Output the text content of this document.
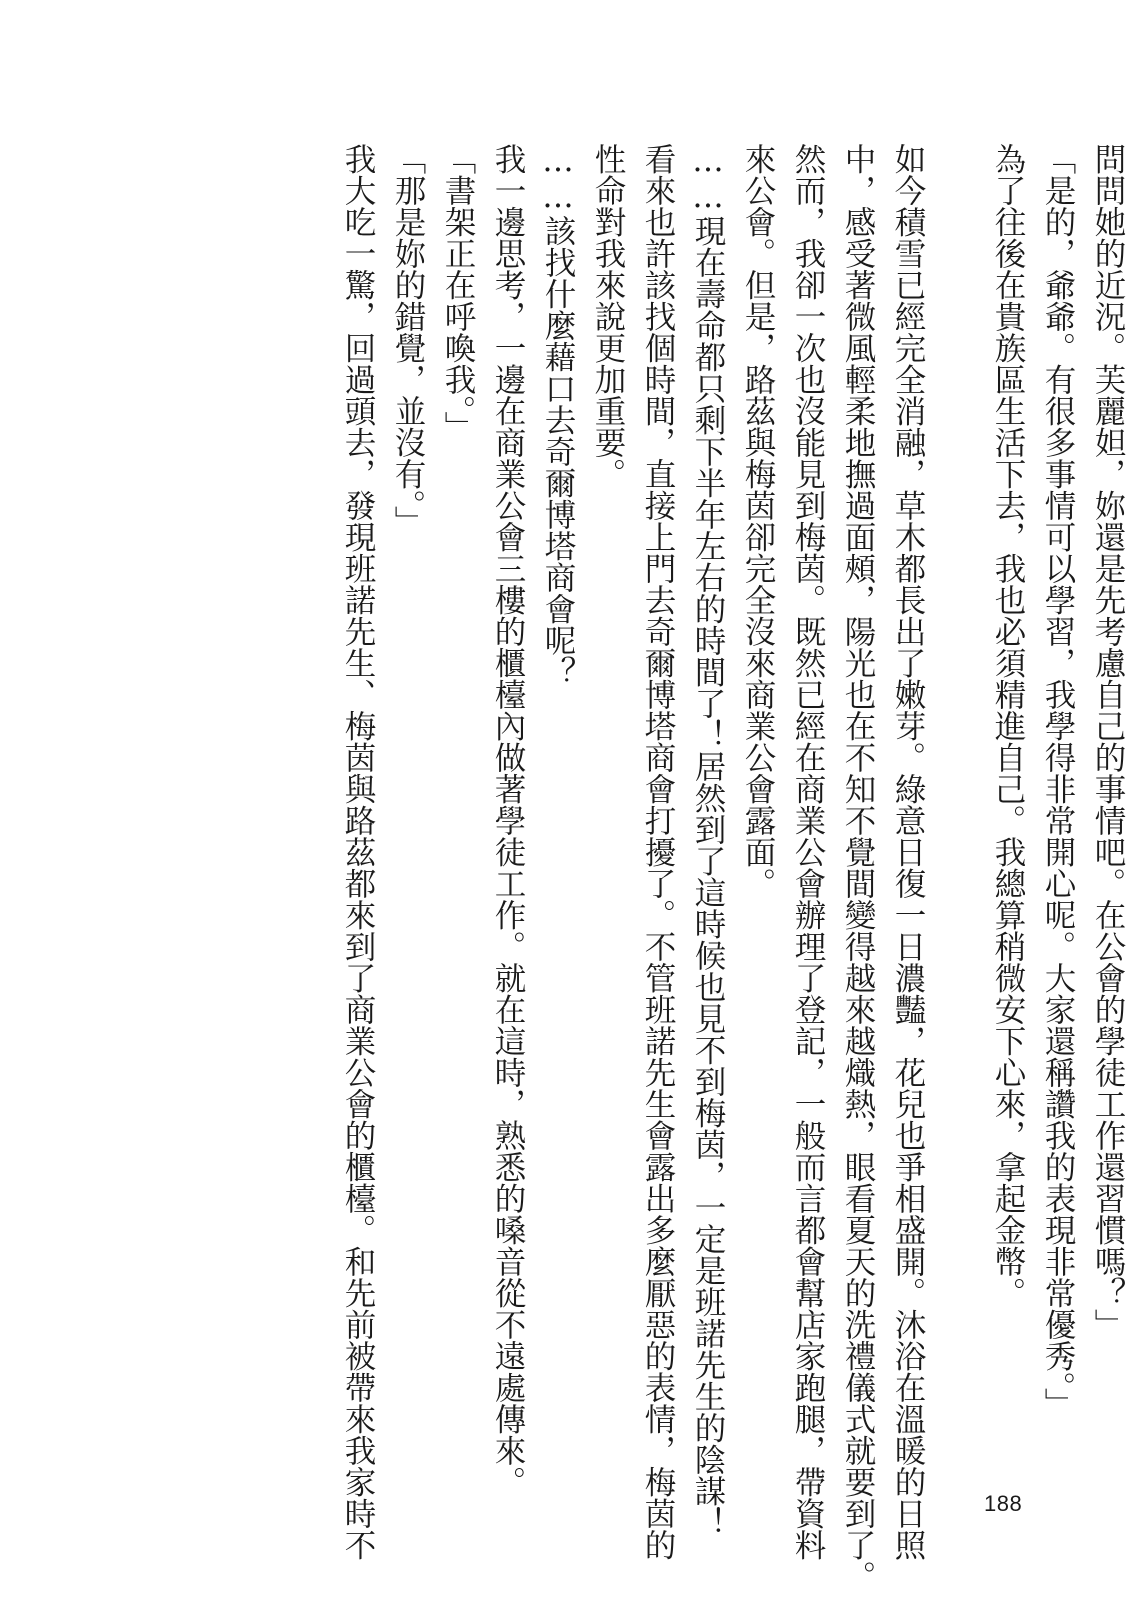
問問她的近況。芙麗妲，妳還是先考慮自己的事情吧。在公會的學徒工作還習慣嗎？」
「是的，爺爺。有很多事情可以學習，我學得非常開心呢。大家還稱讚我的表現非常優秀。」
為了往後在貴族區生活下去，我也必須精進自己。我總算稍微安下心來，拿起金幣。
如今積雪已經完全消融，草木都長出了嫩芽。綠意日復一日濃豔，花兒也爭相盛開。沐浴在溫暖的日照
中，感受著微風輕柔地撫過面頰，陽光也在不知不覺間變得越來越熾熱，眼看夏天的洗禮儀式就要到了。
然而，我卻一次也沒能見到梅茵。既然已經在商業公會辦理了登記，一般而言都會幫店家跑腿，帶資料
來公會。但是，路茲與梅茵卻完全沒來商業公會露面。
……現在壽命都只剩下半年左右的時間了！居然到了這時候也見不到梅茵，一定是班諾先生的陰謀！
看來也許該找個時間，直接上門去奇爾博塔商會打擾了。不管班諾先生會露出多麼厭惡的表情，梅茵的
性命對我來說更加重要。
……該找什麼藉口去奇爾博塔商會呢？
我一邊思考，一邊在商業公會三樓的櫃檯內做著學徒工作。就在這時，熟悉的嗓音從不遠處傳來。
「書架正在呼喚我。」
「那是妳的錯覺，並沒有。」
我大吃一驚，回過頭去，發現班諾先生、梅茵與路茲都來到了商業公會的櫃檯。和先前被帶來我家時不	188
